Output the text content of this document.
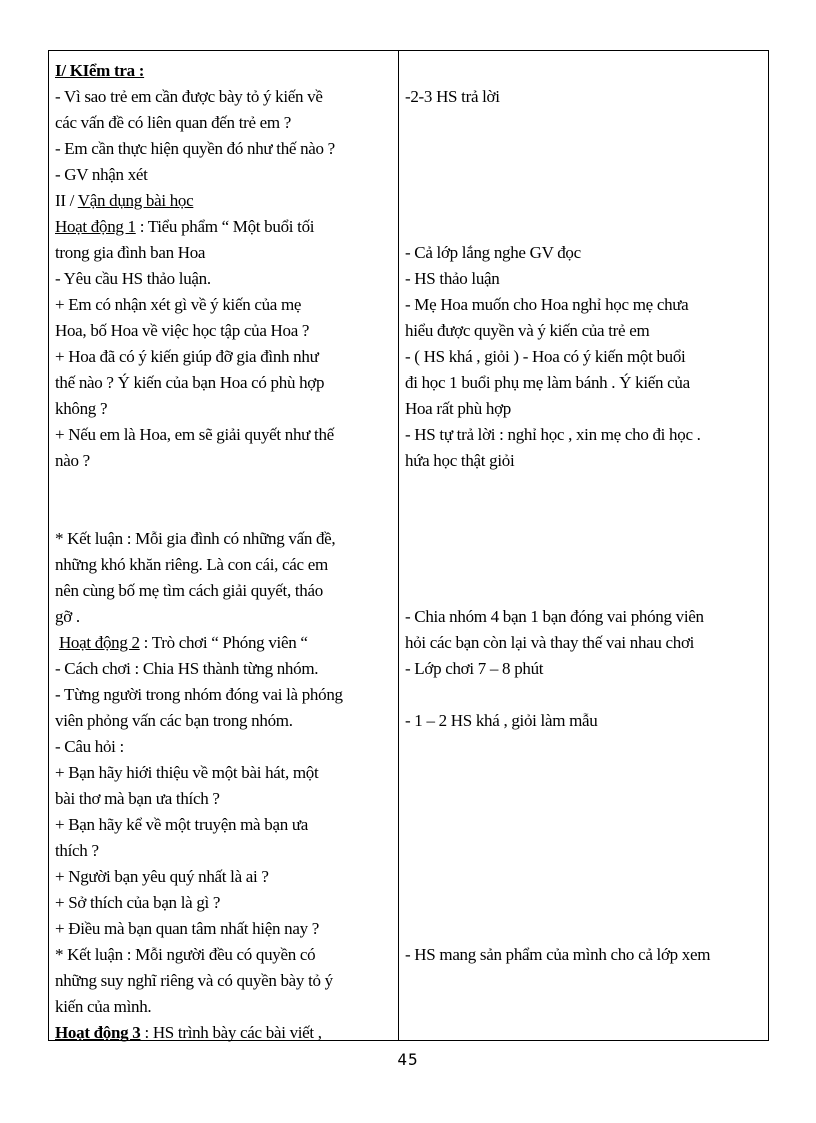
I/ KIểm tra :
- Vì sao trẻ em cần được bày tỏ ý kiến về
các vấn đề có liên quan đến trẻ em ?
- Em cần thực hiện quyền đó như thế nào ?
- GV nhận xét
II / Vận dụng bài học
Hoạt động 1 : Tiểu phẩm “ Một buổi tối
trong gia đình ban Hoa
- Yêu cầu HS thảo luận.
+ Em có nhận xét gì về ý kiến của mẹ
Hoa, bố Hoa về việc học tập của Hoa ?
+ Hoa đã có ý kiến giúp đỡ gia đình như
thế nào ? Ý kiến của bạn Hoa có phù hợp
không ?
+ Nếu em là Hoa, em sẽ giải quyết như thế
nào ?
* Kết luận : Mỗi gia đình có những vấn đề,
những khó khăn riêng. Là con cái, các em
nên cùng bố mẹ tìm cách giải quyết, tháo
gỡ .
Hoạt động 2 : Trò chơi “ Phóng viên “
- Cách chơi : Chia HS thành từng nhóm.
- Từng người trong nhóm đóng vai là phóng
viên phỏng vấn các bạn trong nhóm.
- Câu hỏi :
+ Bạn hãy hiới thiệu về một bài hát, một
bài thơ mà bạn ưa thích ?
+ Bạn hãy kể về một truyện mà bạn ưa
thích ?
+ Người bạn yêu quý nhất là ai ?
+ Sở thích của bạn là gì ?
+ Điều mà bạn quan tâm nhất hiện nay ?
* Kết luận : Mỗi người đều có quyền có
những suy nghĩ riêng và có quyền bày tỏ ý
kiến của mình.
Hoạt động 3 : HS trình bày các bài viết ,
-2-3 HS trả lời
- Cả lớp lắng nghe GV đọc
- HS thảo luận
- Mẹ Hoa muốn cho Hoa nghỉ học mẹ chưa
hiểu được quyền và ý kiến của trẻ em
- ( HS khá , giỏi ) - Hoa có ý kiến một buổi
đi học 1 buổi phụ mẹ làm bánh . Ý kiến của
Hoa rất phù hợp
- HS tự trả lời : nghỉ học , xin mẹ cho đi học .
hứa học thật giỏi
- Chia nhóm 4 bạn 1 bạn đóng vai phóng viên
hỏi các bạn còn lại và thay thế vai nhau chơi
- Lớp chơi 7 – 8 phút
- 1 – 2 HS khá , giỏi làm mẫu
- HS mang sản phẩm của mình cho cả lớp xem
45
